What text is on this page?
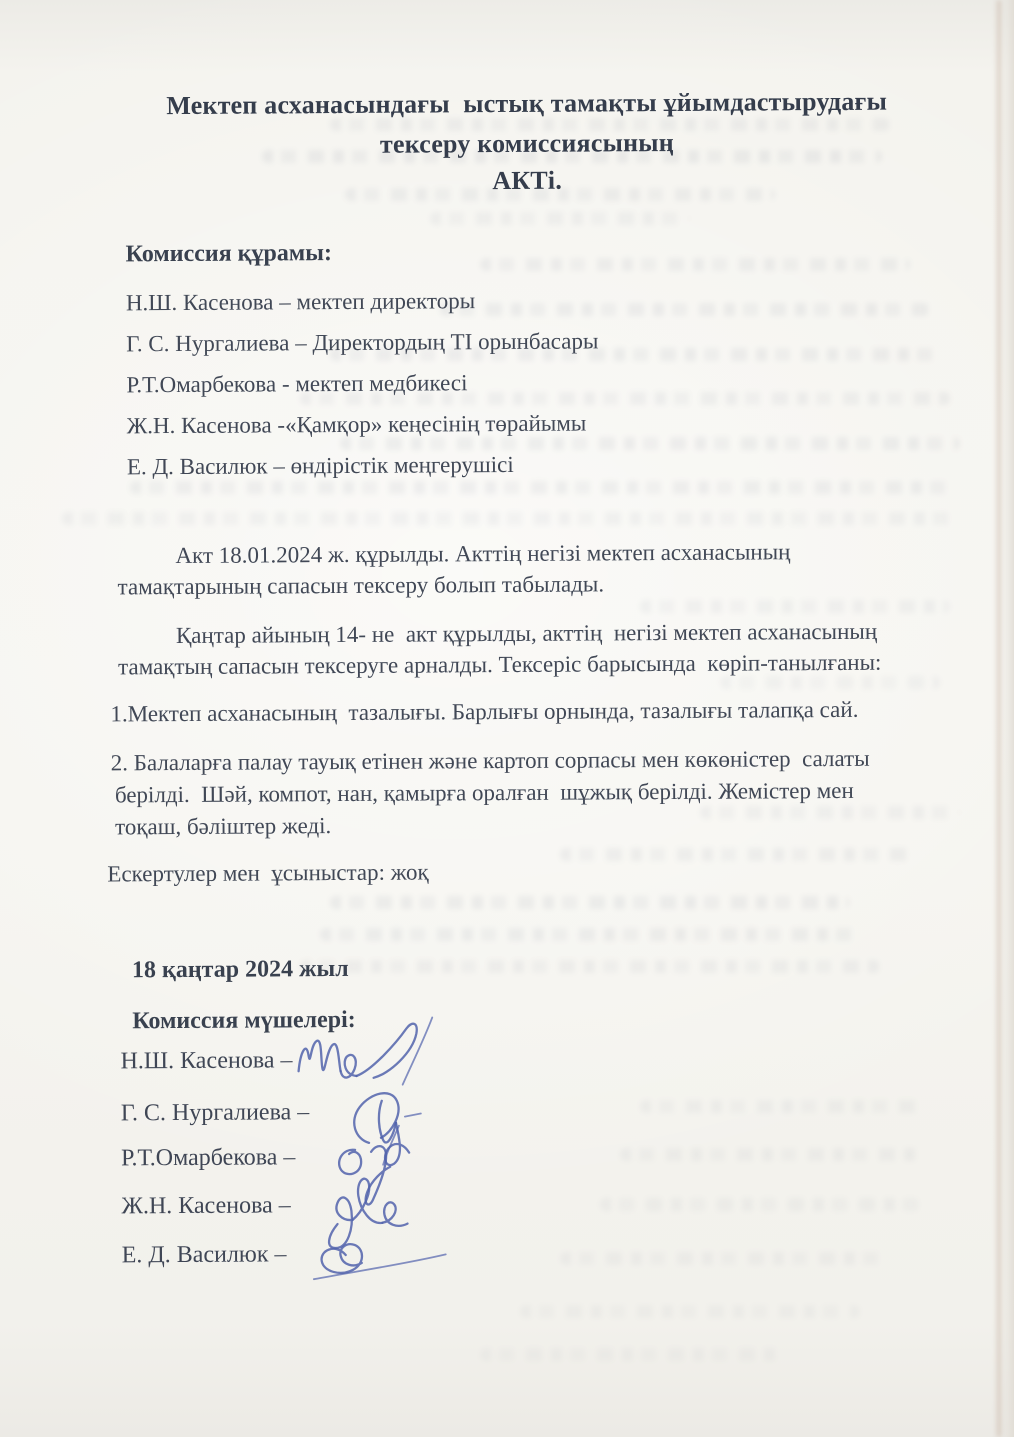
Мектеп асханасындағы  ыстық тамақты ұйымдастырудағы
тексеру комиссиясының
АКТі.
Комиссия құрамы:
Н.Ш. Касенова – мектеп директоры
Г. С. Нургалиева – Директордың ТІ орынбасары
Р.Т.Омарбекова - мектеп медбикесі
Ж.Н. Касенова -«Қамқор» кеңесінің төрайымы
Е. Д. Василюк – өндірістік меңгерушісі
Акт 18.01.2024 ж. құрылды. Акттің негізі мектеп асханасының
тамақтарының сапасын тексеру болып табылады.
Қаңтар айының 14- не  акт құрылды, акттің  негізі мектеп асханасының
тамақтың сапасын тексеруге арналды. Тексеріс барысында  көріп-танылғаны:
1.Мектеп асханасының  тазалығы. Барлығы орнында, тазалығы талапқа сай.
2. Балаларға палау тауық етінен және картоп сорпасы мен көкөністер  салаты
берілді.  Шәй, компот, нан, қамырға оралған  шұжық берілді. Жемістер мен
тоқаш, бәліштер жеді.
Ескертулер мен  ұсыныстар: жоқ
18 қаңтар 2024 жыл
Комиссия мүшелері:
Н.Ш. Касенова –
Г. С. Нургалиева –
Р.Т.Омарбекова –
Ж.Н. Касенова –
Е. Д. Василюк –
